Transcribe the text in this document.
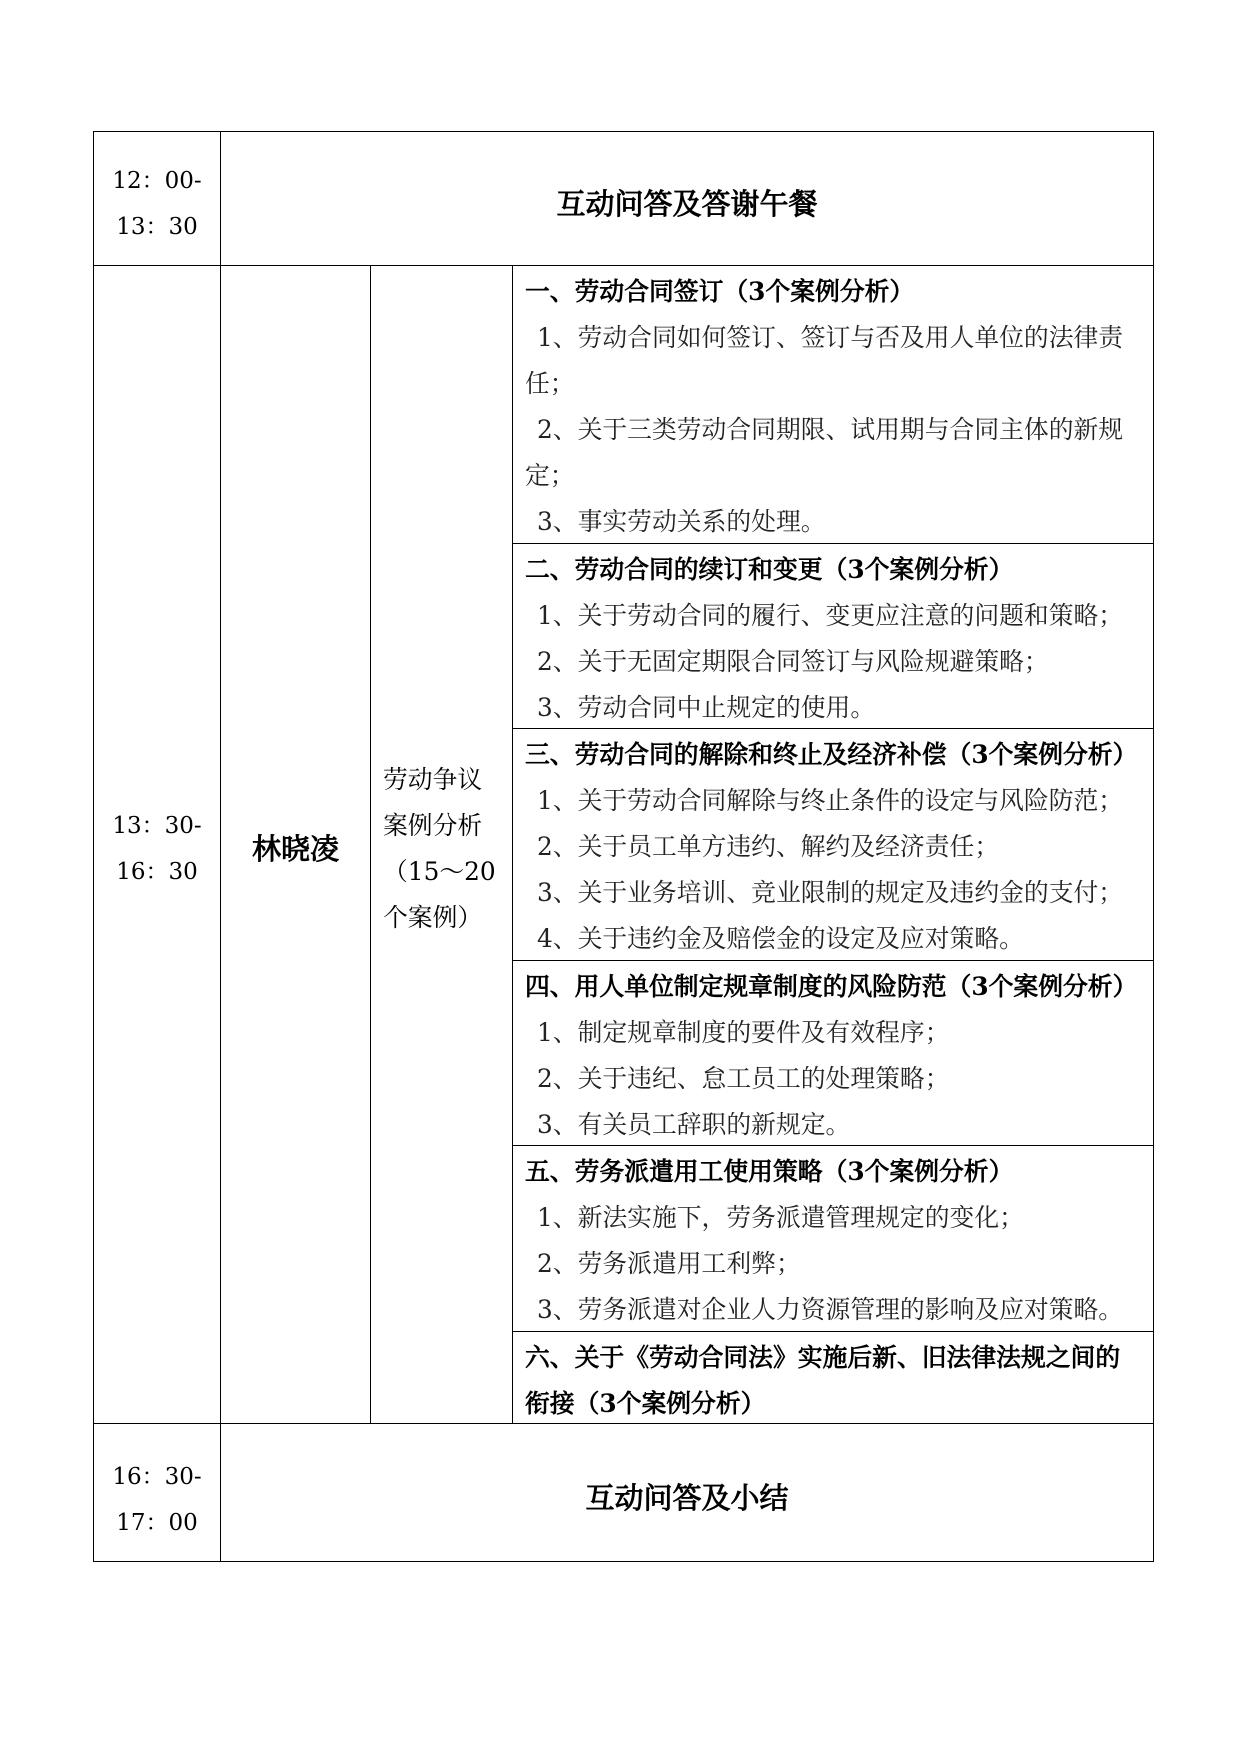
12：00-
13：30
互动问答及答谢午餐
13：30-
16：30
林晓凌
劳动争议
案例分析
（15～20
个案例）
一、劳动合同签订（3个案例分析）
1、劳动合同如何签订、签订与否及用人单位的法律责任；
2、关于三类劳动合同期限、试用期与合同主体的新规定；
3、事实劳动关系的处理。
二、劳动合同的续订和变更（3个案例分析）
1、关于劳动合同的履行、变更应注意的问题和策略；
2、关于无固定期限合同签订与风险规避策略；
3、劳动合同中止规定的使用。
三、劳动合同的解除和终止及经济补偿（3个案例分析）
1、关于劳动合同解除与终止条件的设定与风险防范；
2、关于员工单方违约、解约及经济责任；
3、关于业务培训、竞业限制的规定及违约金的支付；
4、关于违约金及赔偿金的设定及应对策略。
四、用人单位制定规章制度的风险防范（3个案例分析）
1、制定规章制度的要件及有效程序；
2、关于违纪、怠工员工的处理策略；
3、有关员工辞职的新规定。
五、劳务派遣用工使用策略（3个案例分析）
1、新法实施下，劳务派遣管理规定的变化；
2、劳务派遣用工利弊；
3、劳务派遣对企业人力资源管理的影响及应对策略。
六、关于《劳动合同法》实施后新、旧法律法规之间的衔接（3个案例分析）
16：30-
17：00
互动问答及小结
